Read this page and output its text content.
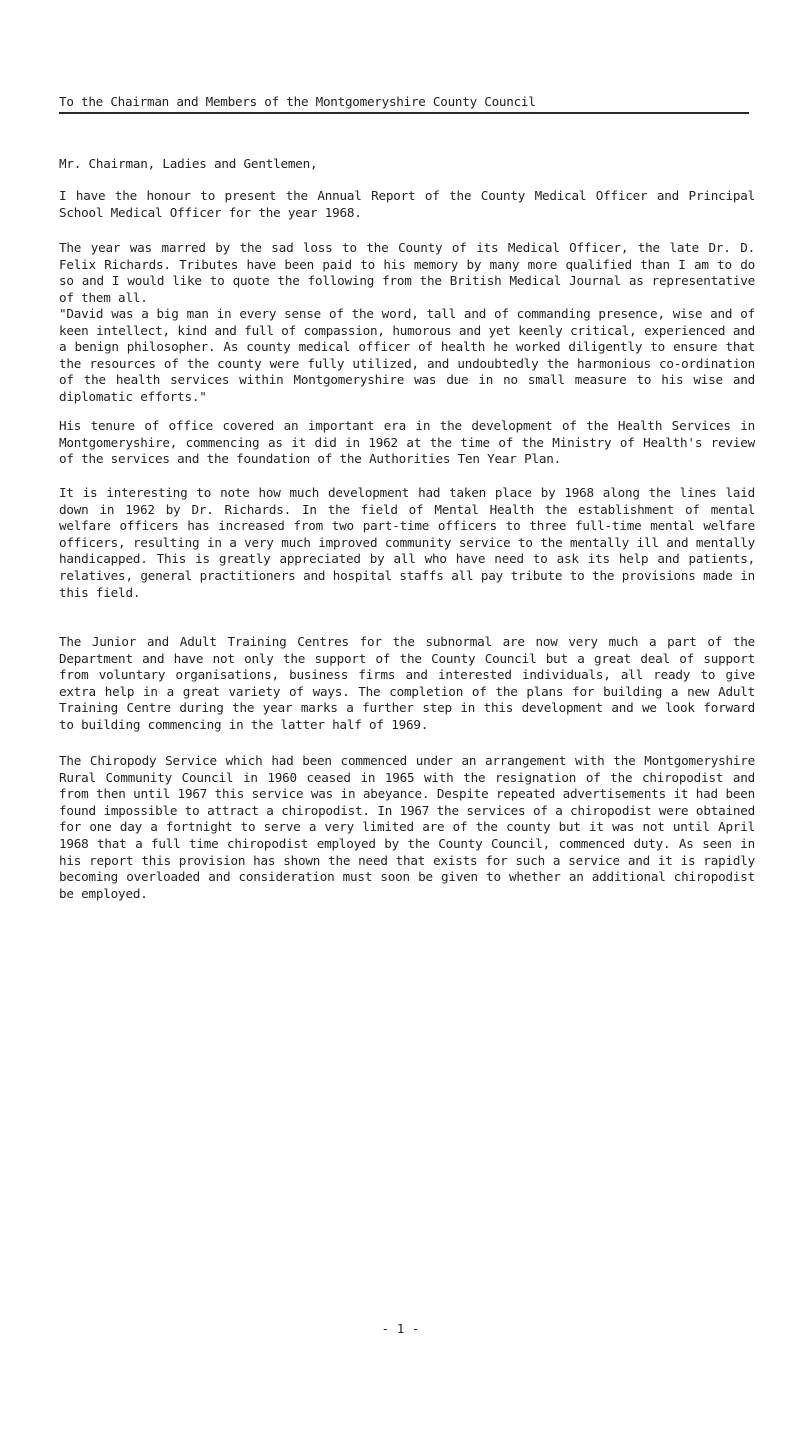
To the Chairman and Members of the Montgomeryshire County Council

Mr. Chairman, Ladies and Gentlemen,

I have the honour to present the Annual Report of the County Medical Officer and Principal School Medical Officer for the year 1968.

The year was marred by the sad loss to the County of its Medical Officer, the late Dr. D. Felix Richards. Tributes have been paid to his memory by many more qualified than I am to do so and I would like to quote the following from the British Medical Journal as representative of them all.

"David was a big man in every sense of the word, tall and of commanding presence, wise and of keen intellect, kind and full of compassion, humorous and yet keenly critical, experienced and a benign philosopher. As county medical officer of health he worked diligently to ensure that the resources of the county were fully utilized, and undoubtedly the harmonious co-ordination of the health services within Montgomeryshire was due in no small measure to his wise and diplomatic efforts."

His tenure of office covered an important era in the development of the Health Services in Montgomeryshire, commencing as it did in 1962 at the time of the Ministry of Health's review of the services and the foundation of the Authorities Ten Year Plan.

It is interesting to note how much development had taken place by 1968 along the lines laid down in 1962 by Dr. Richards. In the field of Mental Health the establishment of mental welfare officers has increased from two part-time officers to three full-time mental welfare officers, resulting in a very much improved community service to the mentally ill and mentally handicapped. This is greatly appreciated by all who have need to ask its help and patients, relatives, general practitioners and hospital staffs all pay tribute to the provisions made in this field.

The Junior and Adult Training Centres for the subnormal are now very much a part of the Department and have not only the support of the County Council but a great deal of support from voluntary organisations, business firms and interested individuals, all ready to give extra help in a great variety of ways. The completion of the plans for building a new Adult Training Centre during the year marks a further step in this development and we look forward to building commencing in the latter half of 1969.

The Chiropody Service which had been commenced under an arrangement with the Montgomeryshire Rural Community Council in 1960 ceased in 1965 with the resignation of the chiropodist and from then until 1967 this service was in abeyance. Despite repeated advertisements it had been found impossible to attract a chiropodist. In 1967 the services of a chiropodist were obtained for one day a fortnight to serve a very limited are of the county but it was not until April 1968 that a full time chiropodist employed by the County Council, commenced duty. As seen in his report this provision has shown the need that exists for such a service and it is rapidly becoming overloaded and consideration must soon be given to whether an additional chiropodist be employed.

- 1 -
